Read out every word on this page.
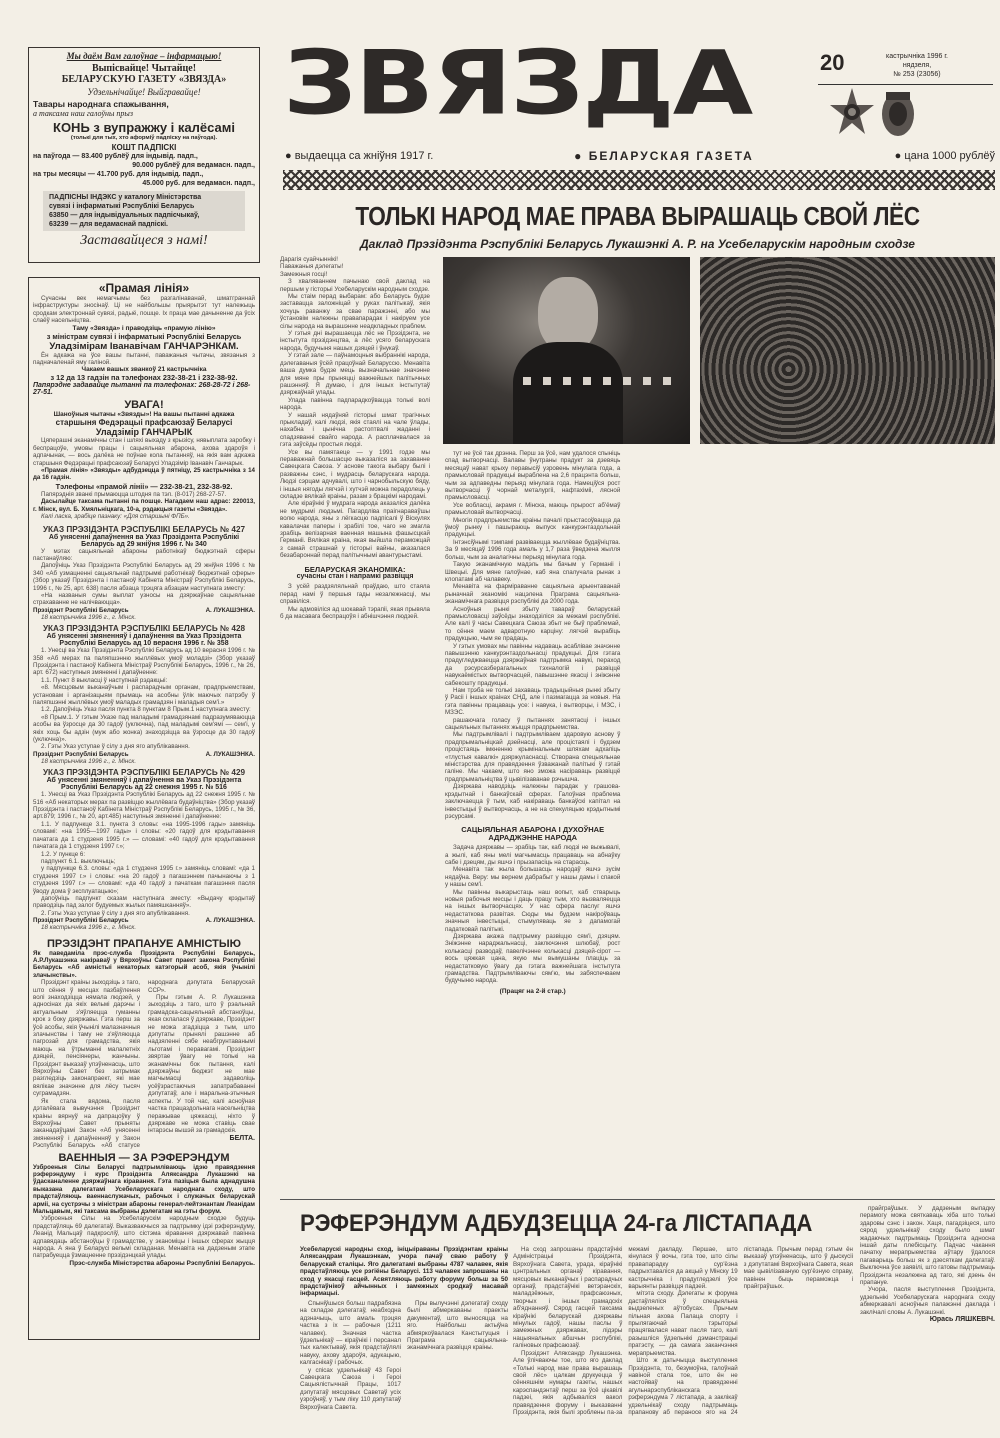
Мы даём Вам галоўнае – інфармацыю!
Выпісвайце! Чытайце!
БЕЛАРУСКУЮ ГАЗЕТУ «ЗВЯЗДА»
Удзельнічайце! Выйгравайце!
Тавары народнага спажывання,
а таксама наш галоўны прыз
КОНЬ з вупражжу і калёсамі
(толькі для тых, хто аформіў падпіску на паўгода).
КОШТ ПАДПІСКІ
на паўгода — 83.400 рублёў для індывід. падп.,
90.000 рублёў для ведамасн. падп.,
на тры месяцы — 41.700 руб. для індывід. падп.,
45.000 руб. для ведамасн. падп.,
ПАДПІСНЫ ІНДЭКС у каталогу Міністэрства
сувязі і інфарматыкі Рэспублікі Беларусь
63850 — для індывідуальных падпісчыкаў,
63239 — для ведамаснай падпіскі.
Заставайцеся з намі!
«Прамая лінія»

Сучасны век немагчымы без разгалінаванай, шматграннай інфраструктуры зносінаў. Ці не найбольшы прыярытэт тут належыць сродкам электроннай сувязі, радыё, пошце. Іх праца мае дачыненне да ўсіх слаёў насельніцтва.

Таму «Звязда» і праводзіць «прамую лінію»
з міністрам сувязі і інфарматыкі Рэспублікі Беларусь
Уладзімірам Іванавічам ГАНЧАРЭНКАМ.

Ён адкажа на ўсе вашы пытанні, паважаныя чытачы, звязаныя з падначаленай яму галіной.

Чакаем вашых званкоў 21 кастрычніка
з 12 да 13 гадзін па тэлефонах 232-38-21 і 232-38-92.
Папярэдне задавайце пытанні па тэлефонах: 268-28-72 і 268-27-51.
УВАГА!
Шаноўныя чытачы «Звязды»! На вашы пытанні адкажа
старшыня Федэрацыі прафсаюзаў Беларусі
Уладзімір ГАНЧАРЫК

Цяперашні эканамічны стан і шляхі выхаду з крызісу, нявыплата заробку і беспрацоўе, умовы працы і сацыяльная абарона, ахова здароўя і адпачынак, — вось далёка не поўнае кола пытанняў, на якія вам адкажа старшыня Федэрацыі прафсаюзаў Беларусі Уладзімір Іванавіч Ганчарык.

«Прамая лінія» «Звязды» адбудзецца ў пятніцу, 25 кастрычніка з 14 да 16 гадзін.

Тэлефоны «прамой лініі» — 232-38-21, 232-38-92.

Папярэднія званкі прымаюцца штодня па тэл. (8-017) 268-27-57.

Дасылайце таксама пытанні па пошце. Нагадаем наш адрас: 220013, г. Мінск, вул. Б. Хмяльніцкага, 10-а, рэдакцыя газеты «Звязда».

Калі ласка, зрабіце пазнаку: «Для старшыні ФПБ».

УКАЗ ПРЭЗІДЭНТА РЭСПУБЛІКІ БЕЛАРУСЬ № 427
Аб унясенні дапаўнення ва Указ Прэзідэнта Рэспублікі Беларусь ад 29 жніўня 1996 г. № 340

У мэтах сацыяльнай абароны работнікаў бюджэтнай сферы пастанаўляю:

Дапоўніць Указ Прэзідэнта Рэспублікі Беларусь ад 29 жніўня 1996 г. № 340 «Аб узмацненні сацыяльнай падтрымкі работнікаў бюджэтнай сферы» (Збор указаў Прэзідэнта і пастаноў Кабінета Міністраў Рэспублікі Беларусь, 1996 г., № 25, арт. 638) пасля абзаца трэцяга абзацам наступнага зместу:

«На названыя сумы выплат узносы на дзяржаўнае сацыяльнае страхаванне не налічваюцца».

Прэзідэнт Рэспублікі Беларусь	А. ЛУКАШЭНКА.
18 кастрычніка 1996 г., г. Мінск.
УКАЗ ПРЭЗІДЭНТА РЭСПУБЛІКІ БЕЛАРУСЬ № 428
Аб унясенні змяненняў і дапаўнення ва Указ Прэзідэнта Рэспублікі Беларусь ад 10 верасня 1996 г. № 358

1. Унесці ва Указ Прэзідэнта Рэспублікі Беларусь ад 10 верасня 1996 г. № 358 «Аб мерах па паляпшэнню жыллёвых умоў моладзі» (Збор указаў Прэзідэнта і пастаноў Кабінета Міністраў Рэспублікі Беларусь, 1996 г., № 26, арт. 672) наступныя змяненні і дапаўненне:

1.1. Пункт 8 выкласці ў наступнай рэдакцыі:

«8. Мясцовым выканаўчым і распарадчым органам, прадпрыемствам, установам і арганізацыям прымаць на асобны ўлік маючых патрэбу ў паляпшэнні жыллёвых умоў маладых грамадзян і маладыя сем'і.»

1.2. Дапоўніць Указ пасля пункта 8 пунктам 8 Прым.1 наступнага зместу:

«8 Прым.1. У гэтым Указе пад маладымі грамадзянамі падразумяваюцца асобы ва ўзросце да 30 гадоў (уключна), пад маладымі сем'ямі — сем'і, у якіх хоць бы адзін (муж або жонка) знаходзіцца ва ўзросце да 30 гадоў (уключна)».

2. Гэты Указ уступае ў сілу з дня яго апублікавання.

Прэзідэнт Рэспублікі Беларусь	А. ЛУКАШЭНКА.
18 кастрычніка 1996 г., г. Мінск.
УКАЗ ПРЭЗІДЭНТА РЭСПУБЛІКІ БЕЛАРУСЬ № 429
Аб унясенні змяненняў і дапаўнення ва Указ Прэзідэнта Рэспублікі Беларусь ад 22 снежня 1995 г. № 516

1. Унесці ва Указ Прэзідэнта Рэспублікі Беларусь ад 22 снежня 1995 г. № 516 «Аб некаторых мерах па развіццю жыллёвага будаўніцтва» (Збор указаў Прэзідэнта і пастаноў Кабінета Міністраў Рэспублікі Беларусь, 1995 г., № 36, арт.879; 1996 г., № 20, арт.485) наступныя змяненні і дапаўненне:

1.1. У падпункце 3.1. пункта 3 словы: «на 1995-1996 гады» замяніць словамі: «на 1995—1997 гады» і словы: «20 гадоў для крэдытавання пачатага да 1 студзеня 1995 г.» — словамі: «40 гадоў для крэдытавання пачатага да 1 студзеня 1997 г.»;

1.2. У пункце 6:

падпункт 6.1. выключыць;

у падпункце 6.3. словы: «да 1 студзеня 1995 г.» замяніць словамі: «да 1 студзеня 1997 г.» і словы: «на 20 гадоў з пагашэннем пачынаючы з 1 студзеня 1997 г.» — словамі: «да 40 гадоў з пачаткам пагашэння пасля ўводу дома ў эксплуатацыю»;

дапоўніць падпункт сказам наступнага зместу: «Выдачу крэдытаў праводзіць пад залог будуемых жылых памяшканняў».

2. Гэты Указ уступае ў сілу з дня яго апублікавання.

Прэзідэнт Рэспублікі Беларусь	А. ЛУКАШЭНКА.
18 кастрычніка 1996 г., г. Мінск.
ПРЭЗІДЭНТ ПРАПАНУЕ АМНІСТЫЮ
Як паведаміла прэс-служба Прэзідэнта Рэспублікі Беларусь, А.Р.Лукашэнка накіраваў у Вярхоўны Савет праект закона Рэспублікі Беларусь «Аб амністыі некаторых катэгорый асоб, якія ўчынілі злачынствы».

Прэзідэнт краіны зыходзіць з таго, што сёння ў месцах пазбаўлення волі знаходзіцца нямала людзей, у адносінах да якіх вельмі дарэчы і актуальным з'яўляецца гуманны крок з боку дзяржавы. Гэта перш за ўсё асобы, якія ўчынілі малазначныя злачынствы і таму не з'яўляюцца пагрозай для грамадства, якія маюць на ўтрыманні малалетніх дзяцей, пенсіянеры, жанчыны. Прэзідэнт выказаў упэўненасць, што Вярхоўны Савет без затрымак разгледзіць законапраект, які мае вялікае значэнне для лёсу тысяч суграмадзян.

Як стала вядома, пасля дэталёвага вывучэння Прэзідэнт краіны вярнуў на дапрацоўку ў Вярхоўны Савет прыняты заканадаўцамі Закон «Аб унясенні змяненняў і дапаўненняў у Закон Рэспублікі Беларусь «Аб статусе народнага дэпутата Беларускай ССР».

Пры гэтым А. Р. Лукашэнка зыходзіць з таго, што ў рэальнай грамадска-сацыяльнай абстаноўцы, якая склалася ў дзяржаве, Прэзідэнт не можа згадзіцца з тым, што дэпутаты прынялі рашэнне аб надзяленні сябе неабгрунтаванымі льготамі і перавагамі. Прэзідэнт звяртае ўвагу не толькі на эканамічны бок пытання, калі дзяржаўны бюджэт не мае магчымасці задаволіць усёўзрастаючыя запатрабаванні дэпутатаў, але і маральна-этычныя аспекты. У той час, калі асноўная частка працаздольнага насельніцтва перажывае цяжкасці, ніхто ў дзяржаве не можа ставіць свае інтарэсы вышэй за грамадскія.

БЕЛТА.
ВАЕННЫЯ — ЗА РЭФЕРЭНДУМ
Узброеныя Сілы Беларусі падтрымліваюць ідэю правядзення рэферэндуму і курс Прэзідэнта Аляксандра Лукашэнкі на ўдасканаленне дзяржаўнага кіравання. Гэта пазіцыя была аднадушна выказана далегатамі Усебеларускага народнага сходу, што прадстаўляюць ваеннаслужачых, рабочых і служачых беларускай арміі, на сустрэчы з міністрам абароны генерал-лейтэнантам Леанідам Мальцавым, які таксама выбраны дэлегатам на гэты форум.

Узброеныя Сілы на Усебеларускім народным сходзе будуць прадстаўляць 69 далегатаў. Выказваючыся за падтрымку ідэі рэферэндуму, Леанід Мальцаў падкрэсліў, што сістэма кіравання дзяржавай павінна адпавядаць абстаноўцы ў грамадстве, у эканоміцы і іншых сферах жыцця народа. А яна ў Беларусі вельмі складаная. Менавіта на дадзеным этапе патрабуецца ўзмацненне прэзідэнцкай улады.

Прэс-служба Міністэрства абароны Рэспублікі Беларусь.
ЗВЯЗДА	20	кастрычніка 1996 г.
нядзеля,
№ 253 (23056)
● выдаецца са жніўня 1917 г.	● БЕЛАРУСКАЯ ГАЗЕТА	● цана 1000 рублёў
ТОЛЬКІ НАРОД МАЕ ПРАВА ВЫРАШАЦЬ СВОЙ ЛЁС
Даклад Прэзідэнта Рэспублікі Беларусь Лукашэнкі А. Р. на Усебеларускім народным сходзе
Дарагія суайчыннікі!
Паважаныя дэлегаты!
Замежныя госці!

З хваляваннем пачынаю свой даклад на першым у гісторыі Усебеларускім народным сходзе.

Мы стаім перад выбарам: або Беларусь будзе заставацца заложніцай у руках палітыкаў, якія хочуць раванжу за свае паражэнні, або мы ўстановім належны правапарадак і накіруем усе сілы народа на вырашэнне неадкладных праблем.

У гэтыя дні вырашаецца лёс не Прэзідэнта, не інстытута прэзідэнцтва, а лёс усяго беларускага народа, будучыня нашых дзяцей і ўнукаў.

У гэтай зале — паўнамоцныя выбраннікі народа, дэлегаваныя ўсёй працоўнай Беларуссю. Менавіта ваша думка будзе мець вызначальнае значэнне для мяне пры прыняцці важнейшых палітычных рашэнняў. Я думаю, і для іншых інстытутаў дзяржаўнай улады.

Улада павінна падпарадкоўвацца толькі волі народа.

У нашай нядаўняй гісторыі шмат трагічных прыкладаў, калі людзі, якія стаялі на чале ўлады, нахабна і цынічна растоптвалі жаданні і спадзяванні свайго народа. А расплачвалася за гэта заўсёды простыя людзі.

Усе вы памятаеце — у 1991 годзе мы пераважнай большасцю выказаліся за захаванне Савецкага Саюза. У аснове такога выбару былі і разважны сэнс, і мудрасць беларускага народа. Людзі сэрцам адчувалі, што і чарнобыльскую бяду, і іншыя нягоды лягчэй і хутчэй можна перадолець у складзе вялікай краіны, разам з брацкімі народамі.

Але кіраўнікі ў мудрага народа аказаліся далёка не мудрымі людзьмі. Пагардліва праігнараваўшы волю народа, яны з лёгкасцю падпісалі ў Віскулях кавалачак паперы і зрабілі тое, чаго не змагла зрабіць велізарная ваенная машына фашысцкай Германіі. Вялікая краіна, якая выйшла пераможцай з самай страшнай у гісторыі вайны, аказалася безабароннай перад палітычнымі авантурыстамі.

БЕЛАРУСКАЯ ЭКАНОМІКА:
сучасны стан і напрамкі развіцця

З усёй раздзяляльнай праўдаю, што стаяла перад намі ў першыя гады незалежнасці, мы справіліся.

Мы адмовіліся ад шокавай тэрапіі, якая прывяла б да масавага беспрацоўя і абнішчэння людзей.

тут не ўсё так дрэнна. Перш за ўсё, нам удалося спыніць спад вытворчасці. Валавы ўнутраны прадукт за дзевяць месяцаў нават крыху перавысіў узровень мінулага года, а прамысловай прадукцыі выраблена на 2,6 працэнта больш, чым за адпаведны перыяд мінулага года. Намеціўся рост вытворчасці ў чорнай металургіі, нафтахіміі, лясной прамысловасці.

Усе вобласці, акрамя г. Мінска, маюць прырост аб'ёмаў прамысловай вытворчасці.

Многія прадпрыемствы краіны пачалі прыстасоўвацца да ўмоў рынку і пашыраюць выпуск канкурэнтаздольнай прадукцыі.

Інтэнсіўнымі тэмпамі развіваецца жыллёвае будаўніцтва. За 9 месяцаў 1996 года амаль у 1,7 раза ўведзена жылля больш, чым за аналагічны перыяд мінулага года.

Такую эканамічную мадэль мы бачым у Германіі і Швецыі. Для мяне галоўнае, каб яна спалучала рынак з клопатамі аб чалавеку.

Менавіта на фарміраванне сацыяльна арыентаванай рыначнай эканомікі нацэлена Праграма сацыяльна-эканамічнага развіцця рэспублікі да 2000 года.

Асноўныя рынкі збыту тавараў беларускай прамысловасці заўсёды знаходзіліся за межамі рэспублікі. Але калі ў часы Савецкага Саюза збыт не быў праблемай, то сёння маем адваротную карціну: лягчэй вырабіць прадукцыю, чым яе прадаць.

У гэтых умовах мы павінны надаваць асаблівае значэнне павышэнню канкурэнтаздольнасці прадукцыі. Для гэтага прадугледжваецца дзяржаўная падтрымка навукі, пераход да рэсурсазберагальных тэхналогій і развіццё навукаёмістых вытворчасцей, павышэнне якасці і зніжэнне сабекошту прадукцыі.

Нам трэба не толькі захаваць традыцыйныя рынкі збыту ў Расіі і іншых краінах СНД, але і пазмагацца за новыя. На гэта павінны працаваць усе: і навука, і вытворцы, і МЗС, і МЗЭС.

рашаючага голасу ў пытаннях занятасці і іншых сацыяльных пытаннях жыцця прадпрыемства.

Мы падтрымлівалі і падтрымліваем здаровую аснову ў прадпрымальніцкай дзейнасці, але процістаялі і будзем процістаяць імкненню крымінальным шляхам адхапіць «тлустыя кавалкі» дзяржуласнасці. Створана спецыяльнае міністэрства для правядзення ўзважанай палітыкі ў гэтай галіне. Мы чакаем, што яно зможа насіраваць развіццё прадпрымальніцтва ў цывілізаванае рэчышча.

Дзяржава наводзіць належны парадак у грашова-крэдытнай і банкаўскай сферах. Галоўная праблема заключаецца ў тым, каб накіраваць банкаўскі капітал на інвестыцыі ў вытворчасць, а не на спекуляцыю крэдытнымі рэсурсамі.

САЦЫЯЛЬНАЯ АБАРОНА І ДУХОЎНАЕ АДРАДЖЭННЕ НАРОДА

Задача дзяржавы — зрабіць так, каб людзі не выжывалі, а жылі, каб яны мелі магчымасць працаваць на абнаўку сабе і дзецям, ды яшчэ і прызапасіць на старасць.

Менавіта так жыла большасць народаў яшчэ зусім нядаўна. Веру: мы вернем дабрабыт у нашы дамы і спакой у нашы сем'і.

Мы павінны выкарыстаць наш вопыт, каб стварыць новыя рабочыя месцы і даць працу тым, хто вызваляецца на іншых вытворчасцях. У нас сфера паслуг яшчэ недастаткова развітая. Сюды мы будзем накіроўваць значныя інвестыцыі, стымуляваць яе з дапамогай падатковай палітыкі.

Дзяржава акажа падтрымку развіццю сям'і, дзяцям. Зніжэнне нараджальнасці, заключэння шлюбаў, рост колькасці разводаў, павелічэнне колькасці дзяцей-сірот — вось цяжкая цана, якую мы вымушаны плаціць за недастатковую ўвагу да гэтага важнейшага інстытута грамадства. Падтрымліваючы сям'ю, мы забяспечваем будучыню народа.

(Працяг на 2-й стар.)
РЭФЕРЭНДУМ АДБУДЗЕЦЦА 24-га ЛІСТАПАДА
Усебеларускі народны сход, ініцыіраваны Прэзідэнтам краіны Аляксандрам Лукашэнкам, учора пачаў сваю работу ў беларускай сталіцы. Яго далегатамі выбраны 4787 чалавек, якія прадстаўляюць усе рэгіёны Беларусі. 113 чалавек запрошаны на сход у якасці гасцей. Асвятляюць работу форуму больш за 50 прадстаўнікоў айчынных і замежных сродкаў масавай інфармацыі.

Спыніўшыся больш падрабязна на складзе дэлегатаў, неабходна адзначыць, што амаль трэцяя частка з іх — рабочыя (1211 чалавек). Значная частка ўдзельнікаў — кіраўнікі і персанал тых калектываў, якія прадстаўлялі навуку, ахову здароўя, адукацыю, калгаснікаў і рабочых.

у спісах удзельнікаў 43 Героі Савецкага Саюза і Героі Сацыялістычнай Працы, 1017 дэпутатаў мясцовых Саветаў усіх узроўняў, у тым ліку 110 дэпутатаў Вярхоўнага Савета.

Пры вылучэнні дэлегатаў сходу былі абмеркаваны праекты дакументаў, што выносяцца на яго. Найбольш актыўна абмяркоўвалася Канстытуцыя і Праграма сацыяльна-эканамічнага развіцця краіны.

На сход запрошаны прадстаўнікі Адміністрацыі Прэзідэнта, Вярхоўнага Савета, урада, кіраўнікі цэнтральных органаў кіравання, мясцовых выканаўчых і распарадчых органаў, прадстаўнікі ветэранскіх, маладзёжных, прафсаюзных, творчых і іншых грамадскіх аб'яднанняў. Сярод гасцей таксама кіраўнікі беларускай дзяржавы мінулых гадоў, нашы паслы ў замежных дзяржавах, лідэры нацыянальных абшчын рэспублікі, галіновых прафсаюзаў.

Прэзідэнт Аляксандр Лукашэнка. Але ўлічваючы тое, што яго даклад «Толькі народ мае права вырашаць свой лёс» цалкам друкуецца ў сённяшнім нумары газеты, нашых карэспандэнтаў перш за ўсё цікавілі падзеі, якія адбываліся вакол правядзення форуму і выказванні Прэзідэнта, якія былі зроблены па-за межамі дакладу. Першае, што кінулася ў вочы, гэта тое, што сілы правапарадку сур'ёзна падрыхтаваліся да акцый у Мінску 19 кастрычніка і прадугледзелі ўсе варыянты развіцця падзей.

мітэта сходу. Дэлегаты ж форума дастаўляліся ў спецыяльна выдзеленых аўтобусах. Прычым пільная ахова Палаца спорту і прылягаючай тэрыторыі працягвалася нават пасля таго, калі разышліся ўдзельнікі дэманстрацыі пратэсту, — да самага заканчэння мерапрыемства.

Што ж датычыцца выступлення Прэзідэнта, то, безумоўна, галоўнай навіной стала тое, што ён не настойваў на правядзенні агульнарэспубліканскага рэферэндума 7 лістапада, а заклікаў удзельнікаў сходу падтрымаць прапанову аб пераносе яго на 24 лістапада. Прычым перад гэтым ён выказаў упэўненасць, што ў дыскусіі з дэпутатамі Вярхоўнага Савета, якая мае цывілізаваную сур'ёзную справу, павінен быць пераможца і прайграўшых.

прайграўшых. У дадзеным выпадку перамогу можа святкаваць хіба што толькі здаровы сэнс і закон. Хаця, пагадзіцеся, што сярод удзельнікаў сходу было шмат жадаючых падтрымаць Прэзідэнта адносна іншай даты плебісцыту. Падчас чакання пачатку мерапрыемства аўтару ўдалося пагаварыць больш як з дзесяткам далегатаў. Выключна ўсе заявілі, што гатовы падтрымаць Прэзідэнта незалежна ад таго, які дзень ён прапануе.

Учора, пасля выступлення Прэзідэнта, удзельнікі Усебеларускага народнага сходу абмеркавалі асноўныя палажэнні даклада і заклічалі словы А. Лукашэнкі.

Юрась ЛЯШКЕВІЧ.
